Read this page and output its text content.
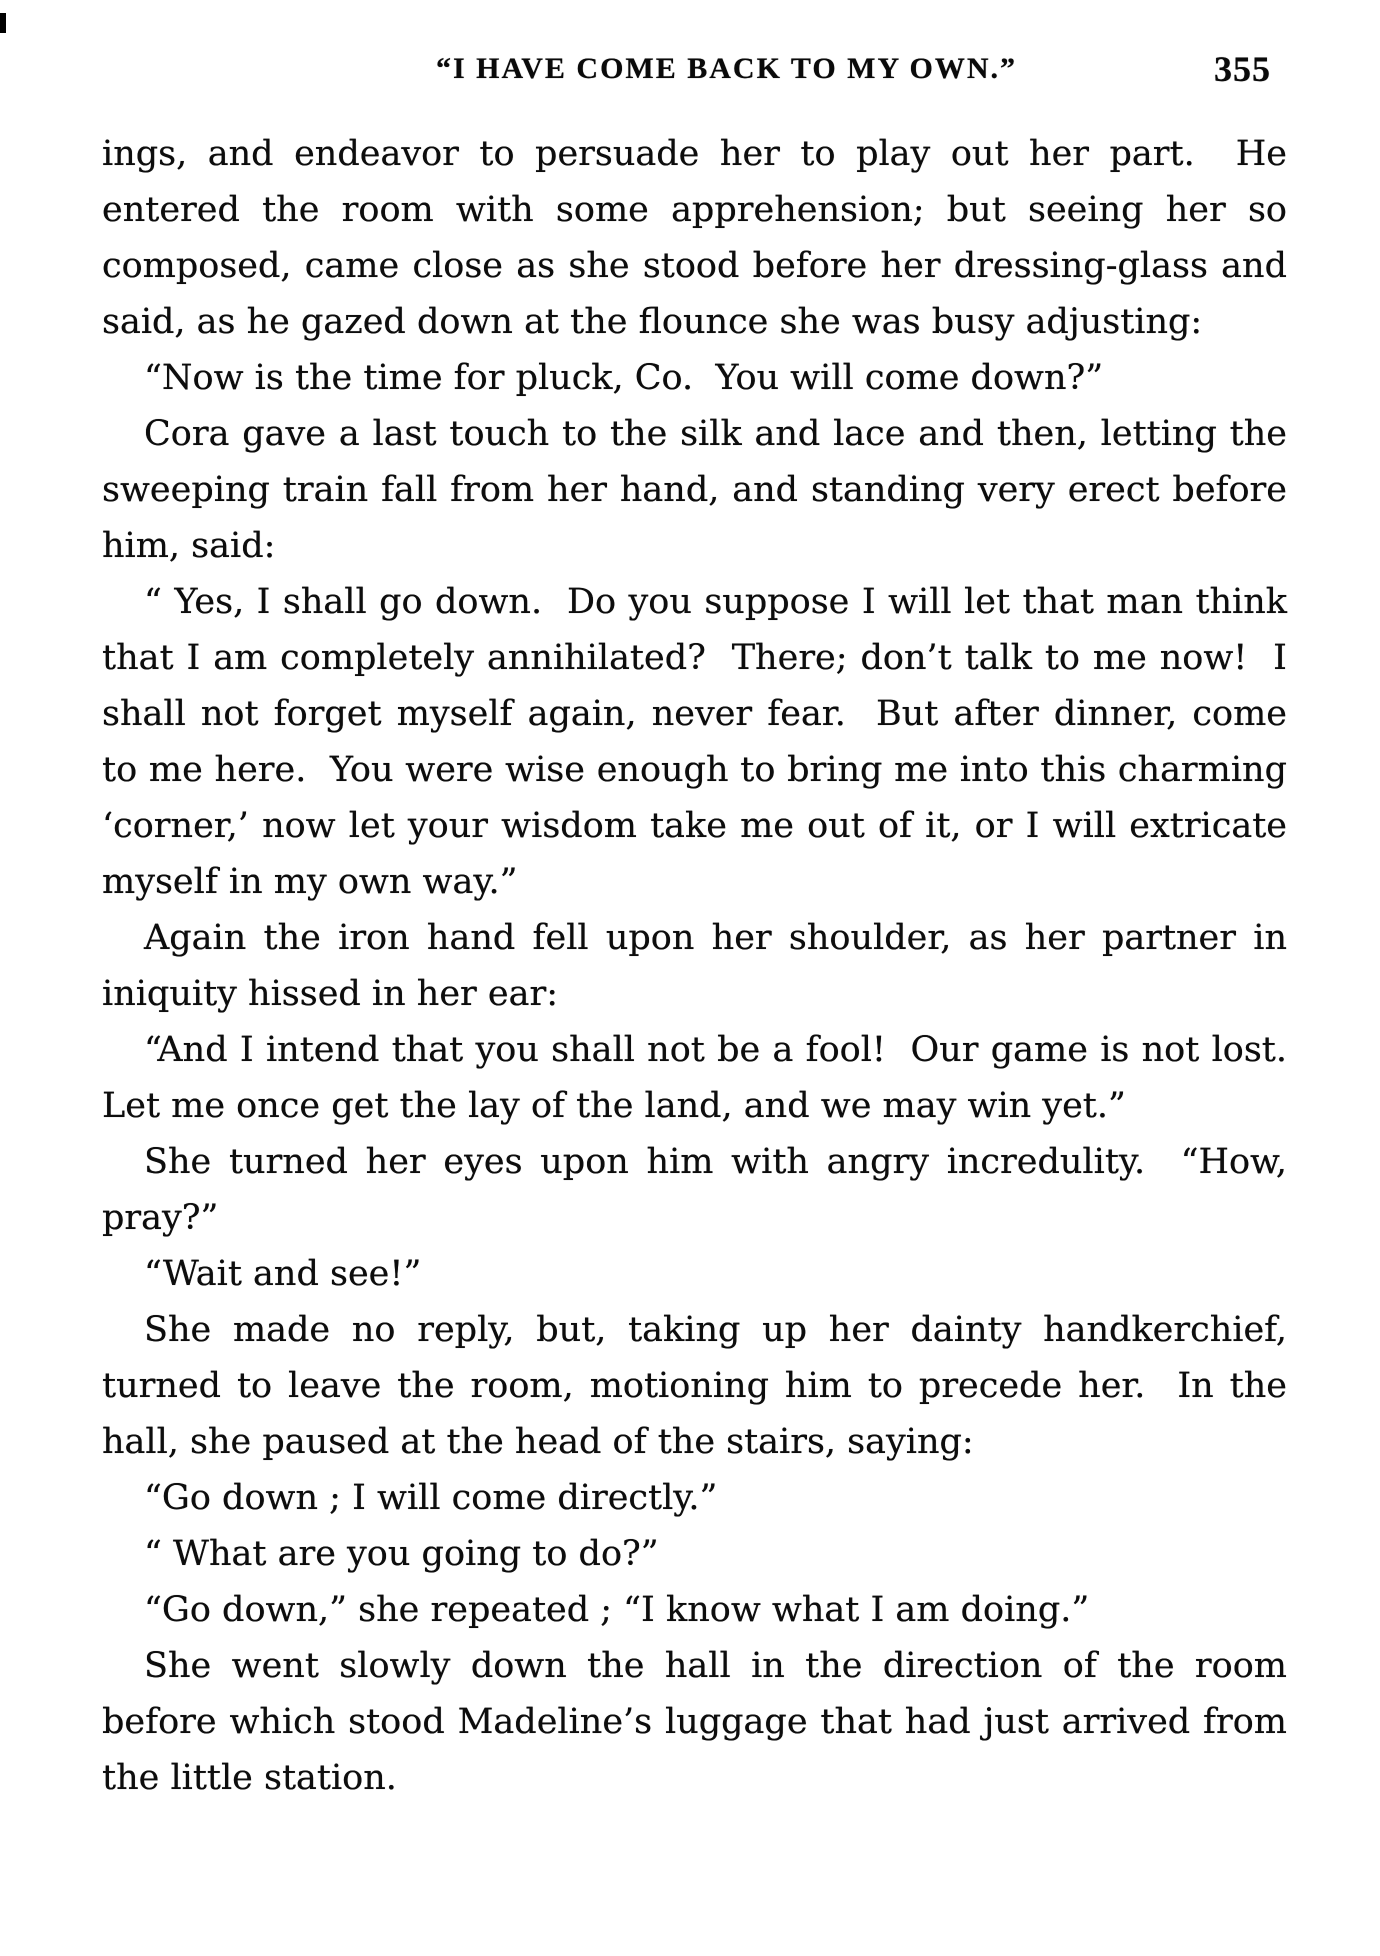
“I HAVE COME BACK TO MY OWN.”	355

ings, and endeavor to persuade her to play out her part.  He entered the room with some apprehension; but seeing her so composed, came close as she stood before her dressing-glass and said, as he gazed down at the flounce she was busy adjusting:

“Now is the time for pluck, Co.  You will come down?”

Cora gave a last touch to the silk and lace and then, letting the sweeping train fall from her hand, and standing very erect before him, said:

“ Yes, I shall go down.  Do you suppose I will let that man think that I am completely annihilated?  There; don’t talk to me now!  I shall not forget myself again, never fear.  But after dinner, come to me here.  You were wise enough to bring me into this charming ‘corner,’ now let your wisdom take me out of it, or I will extricate myself in my own way.”

Again the iron hand fell upon her shoulder, as her partner in iniquity hissed in her ear:

“And I intend that you shall not be a fool!  Our game is not lost.  Let me once get the lay of the land, and we may win yet.”

She turned her eyes upon him with angry incredulity.  “How, pray?”

“Wait and see!”

She made no reply, but, taking up her dainty handkerchief, turned to leave the room, motioning him to precede her.  In the hall, she paused at the head of the stairs, saying:

“Go down ; I will come directly.”

“ What are you going to do?”

“Go down,” she repeated ; “I know what I am doing.”

She went slowly down the hall in the direction of the room before which stood Madeline’s luggage that had just arrived from the little station.
